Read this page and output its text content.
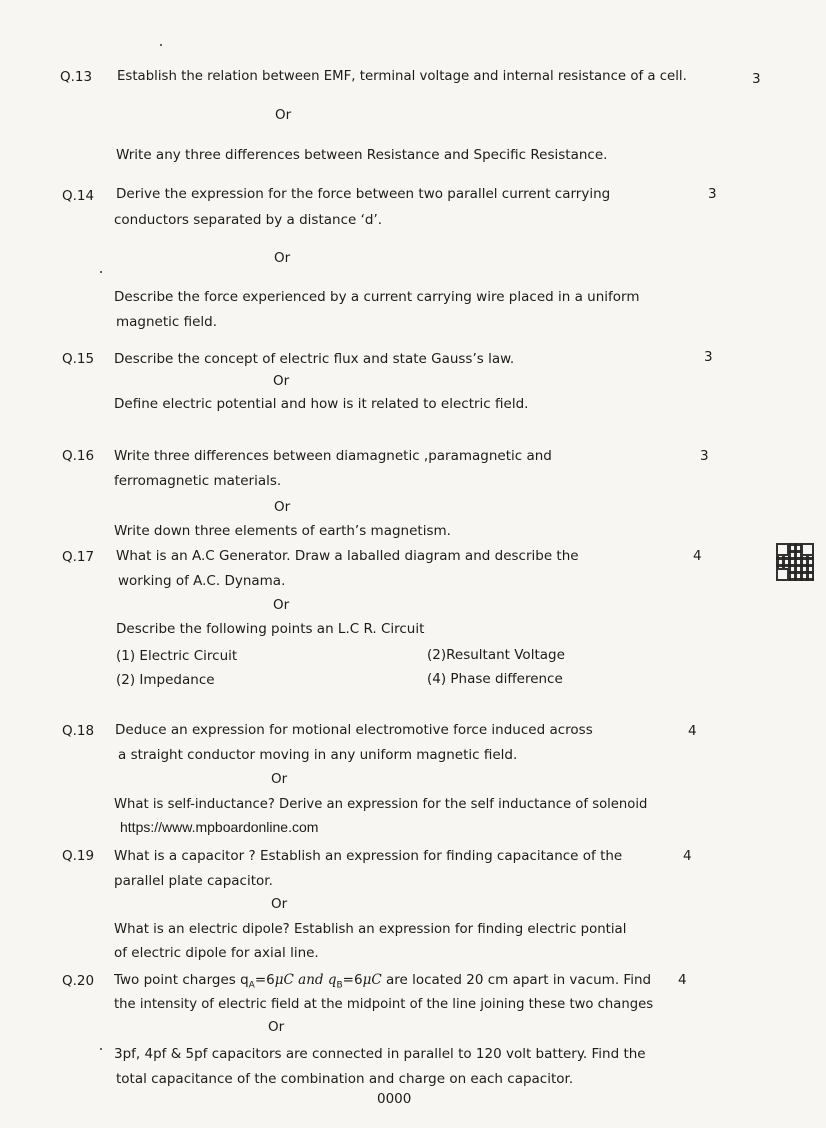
Q.13 Establish the relation between EMF, terminal voltage and internal resistance of a cell.	3
Or
Write any three differences between Resistance and Specific Resistance.
Q.14 Derive the expression for the force between two parallel current carrying	3
conductors separated by a distance ‘d’.
Or
Describe the force experienced by a current carrying wire placed in a uniform
magnetic field.
Q.15 Describe the concept of electric flux and state Gauss’s law.	3
Or
Define electric potential and how is it related to electric field.
Q.16 Write three differences between diamagnetic ,paramagnetic and	3
ferromagnetic materials.
Or
Write down three elements of earth’s magnetism.
Q.17 What is an A.C Generator. Draw a laballed diagram and describe the	4
working of A.C. Dynama.
Or
Describe the following points an L.C R. Circuit
(1) Electric Circuit	(2)Resultant Voltage
(2) Impedance	(4) Phase difference
Q.18 Deduce an expression for motional electromotive force induced across	4
a straight conductor moving in any uniform magnetic field.
Or
What is self-inductance? Derive an expression for the self inductance of solenoid
https://www.mpboardonline.com
Q.19 What is a capacitor ? Establish an expression for finding capacitance of the	4
parallel plate capacitor.
Or
What is an electric dipole? Establish an expression for finding electric pontial
of electric dipole for axial line.
Q.20 Two point charges $q_A=6\mu C$ and $q_B=6\mu C$ are located 20 cm apart in vacum. Find 4
the intensity of electric field at the midpoint of the line joining these two changes
Or
3pf, 4pf & 5pf capacitors are connected in parallel to 120 volt battery. Find the
total capacitance of the combination and charge on each capacitor.
0000
